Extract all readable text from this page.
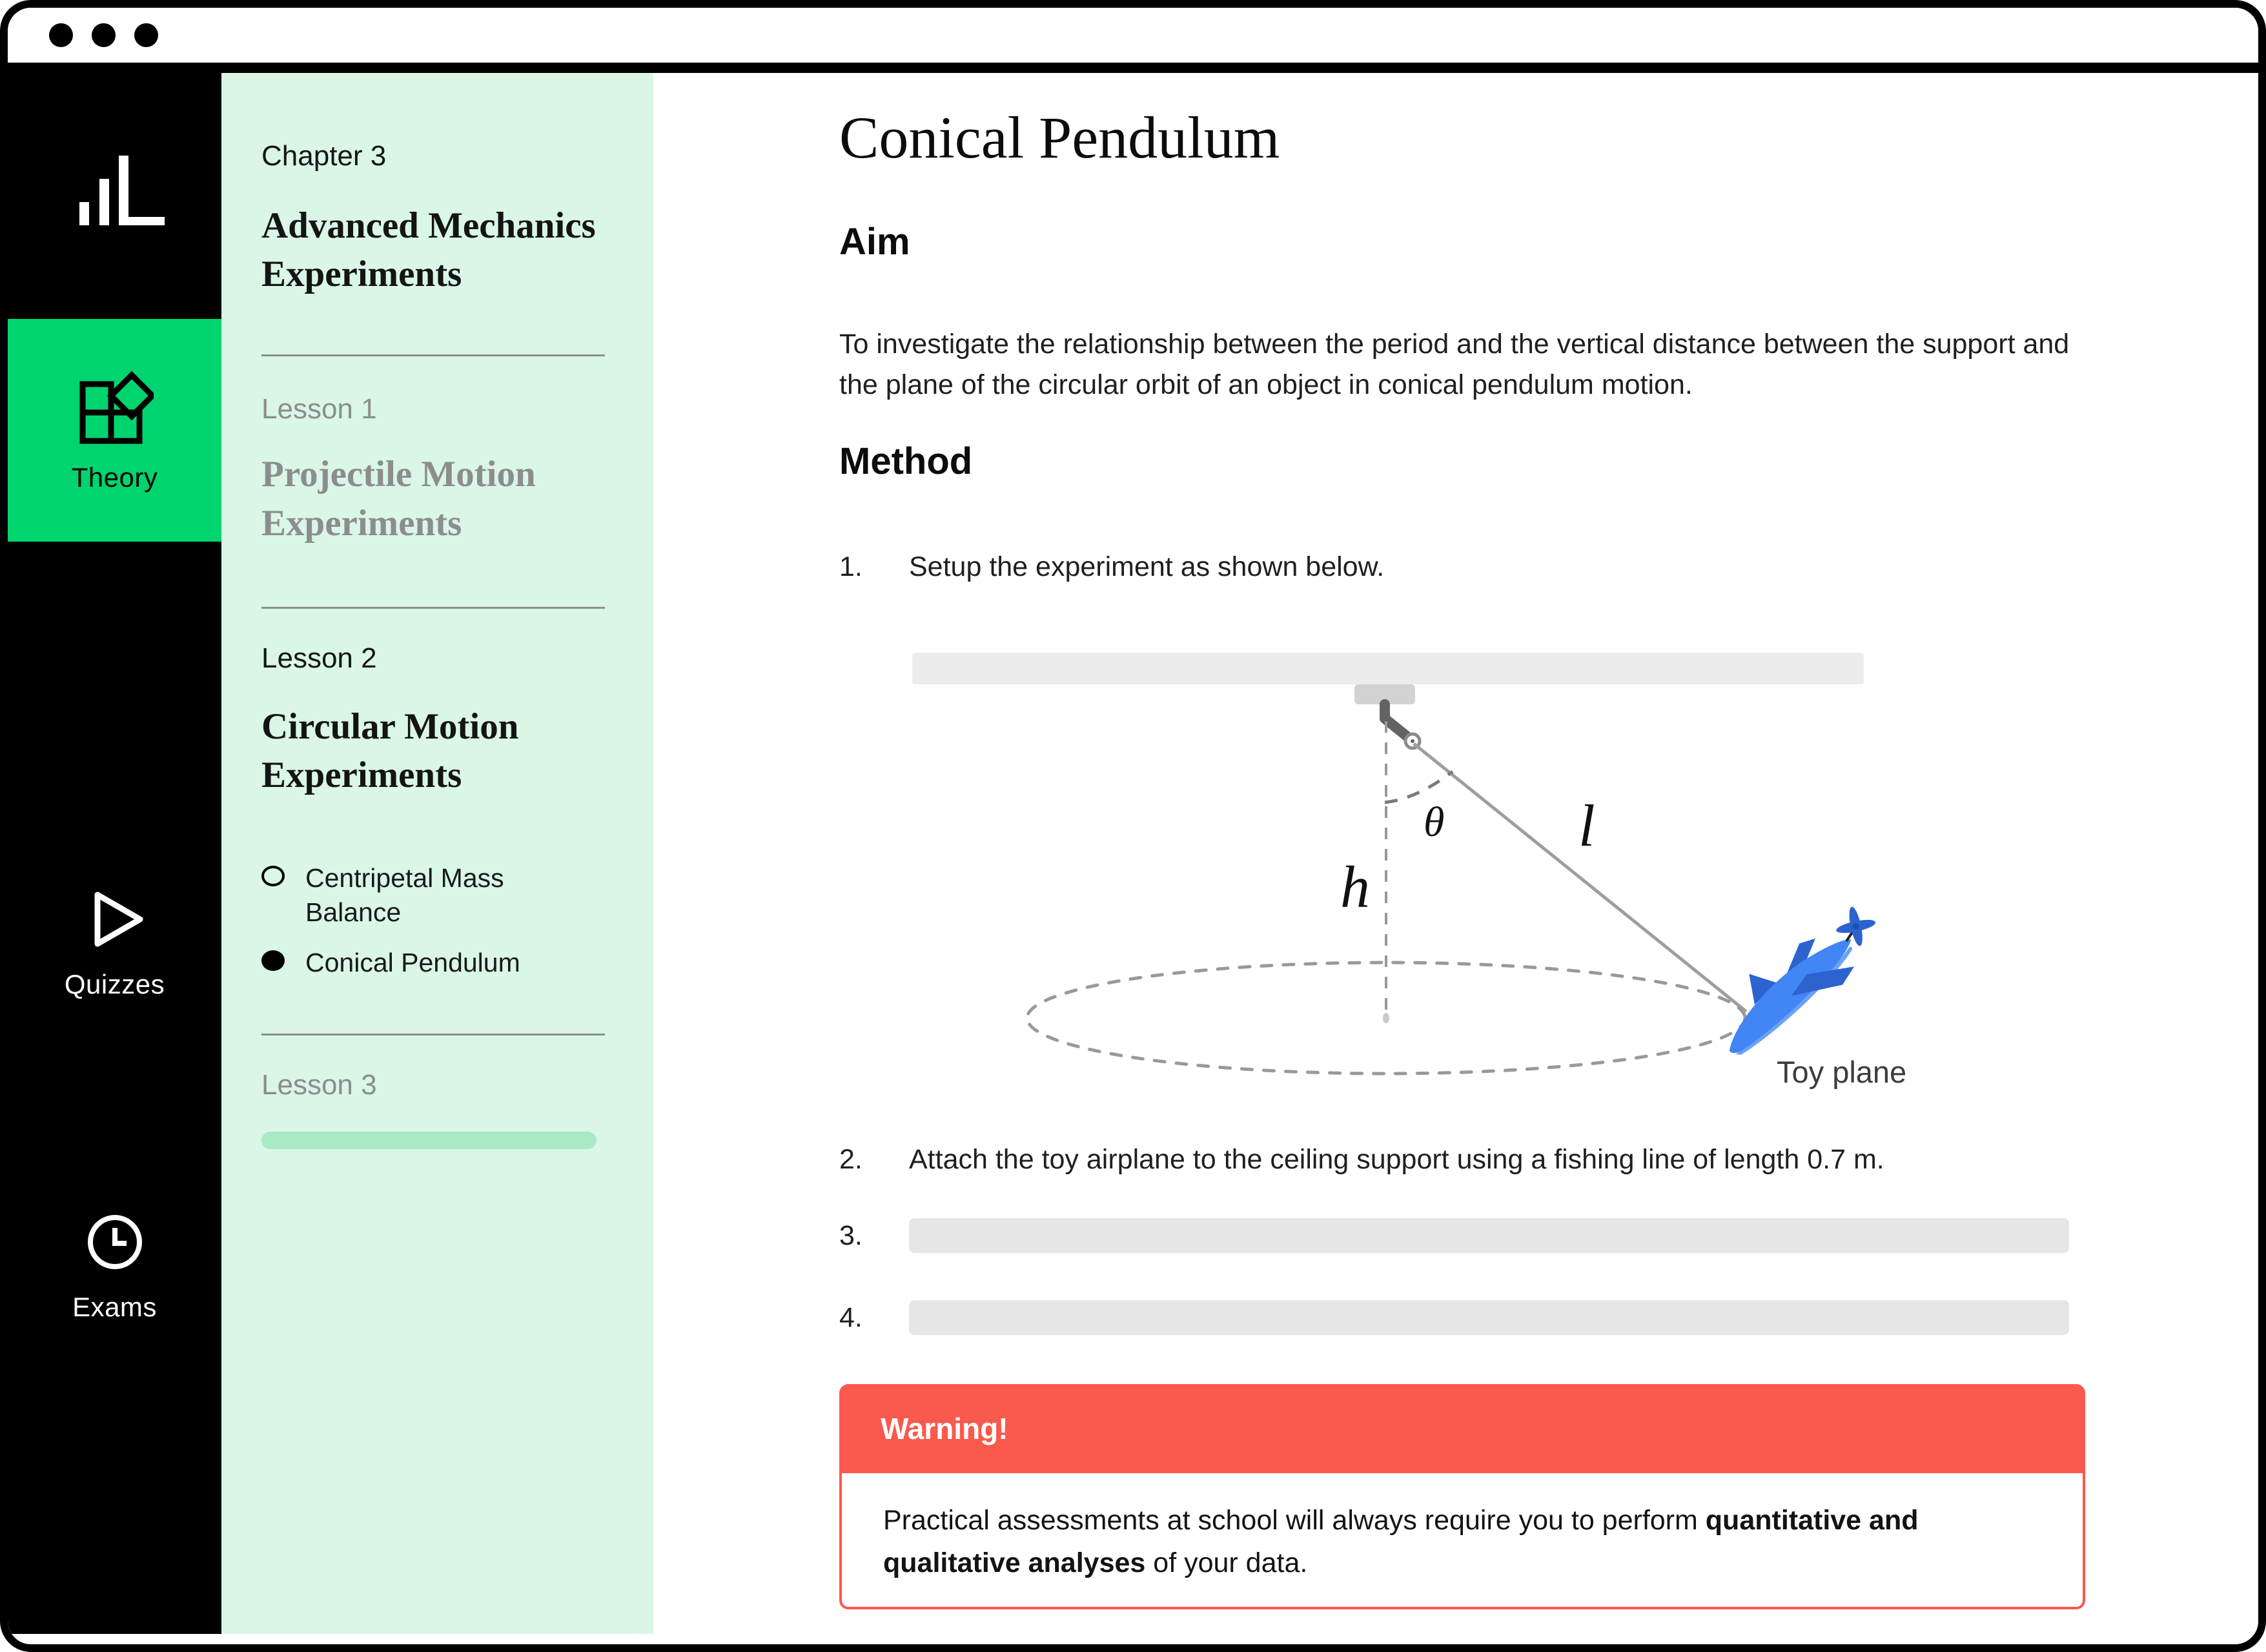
Theory
Quizzes
Exams
Chapter 3
Advanced Mechanics Experiments
Lesson 1
Projectile Motion Experiments
Lesson 2
Circular Motion Experiments
Centripetal Mass Balance
Conical Pendulum
Lesson 3
Conical Pendulum
Aim

To investigate the relationship between the period and the vertical distance between the support and the plane of the circular orbit of an object in conical pendulum motion.

Method
1.	Setup the experiment as shown below.
θ l
h
Toy plane
2.	Attach the toy airplane to the ceiling support using a fishing line of length 0.7 m.
3.
4.
Warning!
Practical assessments at school will always require you to perform quantitative and qualitative analyses of your data.
